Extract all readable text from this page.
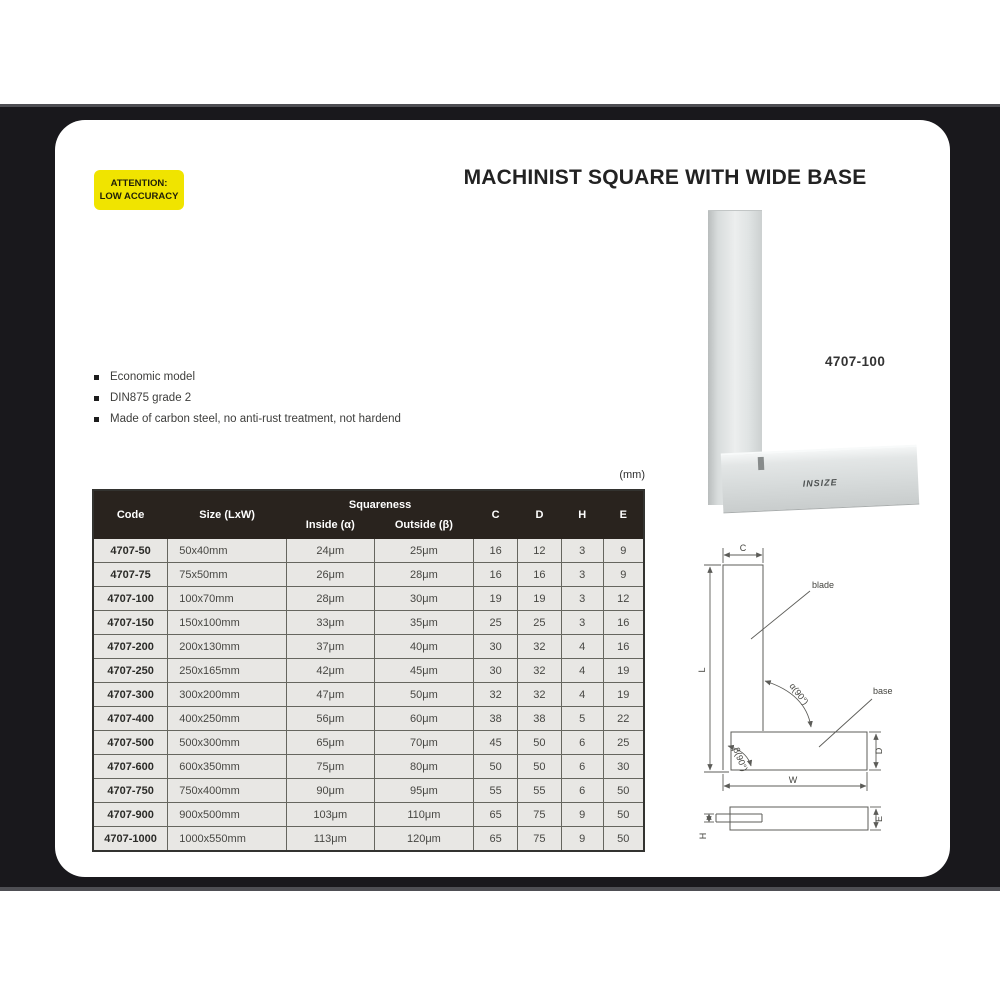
ATTENTION:
LOW ACCURACY
MACHINIST SQUARE WITH WIDE BASE
Economic model
DIN875 grade 2
Made of carbon steel, no anti-rust treatment, not hardend
INSIZE
4707-100
(mm)
Code	Size (LxW)	Squareness		C	D	H	E
		Inside (α)	Outside (β)				
4707-50	50x40mm	24μm	25μm	16	12	3	9
4707-75	75x50mm	26μm	28μm	16	16	3	9
4707-100	100x70mm	28μm	30μm	19	19	3	12
4707-150	150x100mm	33μm	35μm	25	25	3	16
4707-200	200x130mm	37μm	40μm	30	32	4	16
4707-250	250x165mm	42μm	45μm	30	32	4	19
4707-300	300x200mm	47μm	50μm	32	32	4	19
4707-400	400x250mm	56μm	60μm	38	38	5	22
4707-500	500x300mm	65μm	70μm	45	50	6	25
4707-600	600x350mm	75μm	80μm	50	50	6	30
4707-750	750x400mm	90μm	95μm	55	55	6	50
4707-900	900x500mm	103μm	110μm	65	75	9	50
4707-1000	1000x550mm	113μm	120μm	65	75	9	50
C
L
W
D
α(90°)
β(90°)
blade
base
H
E
